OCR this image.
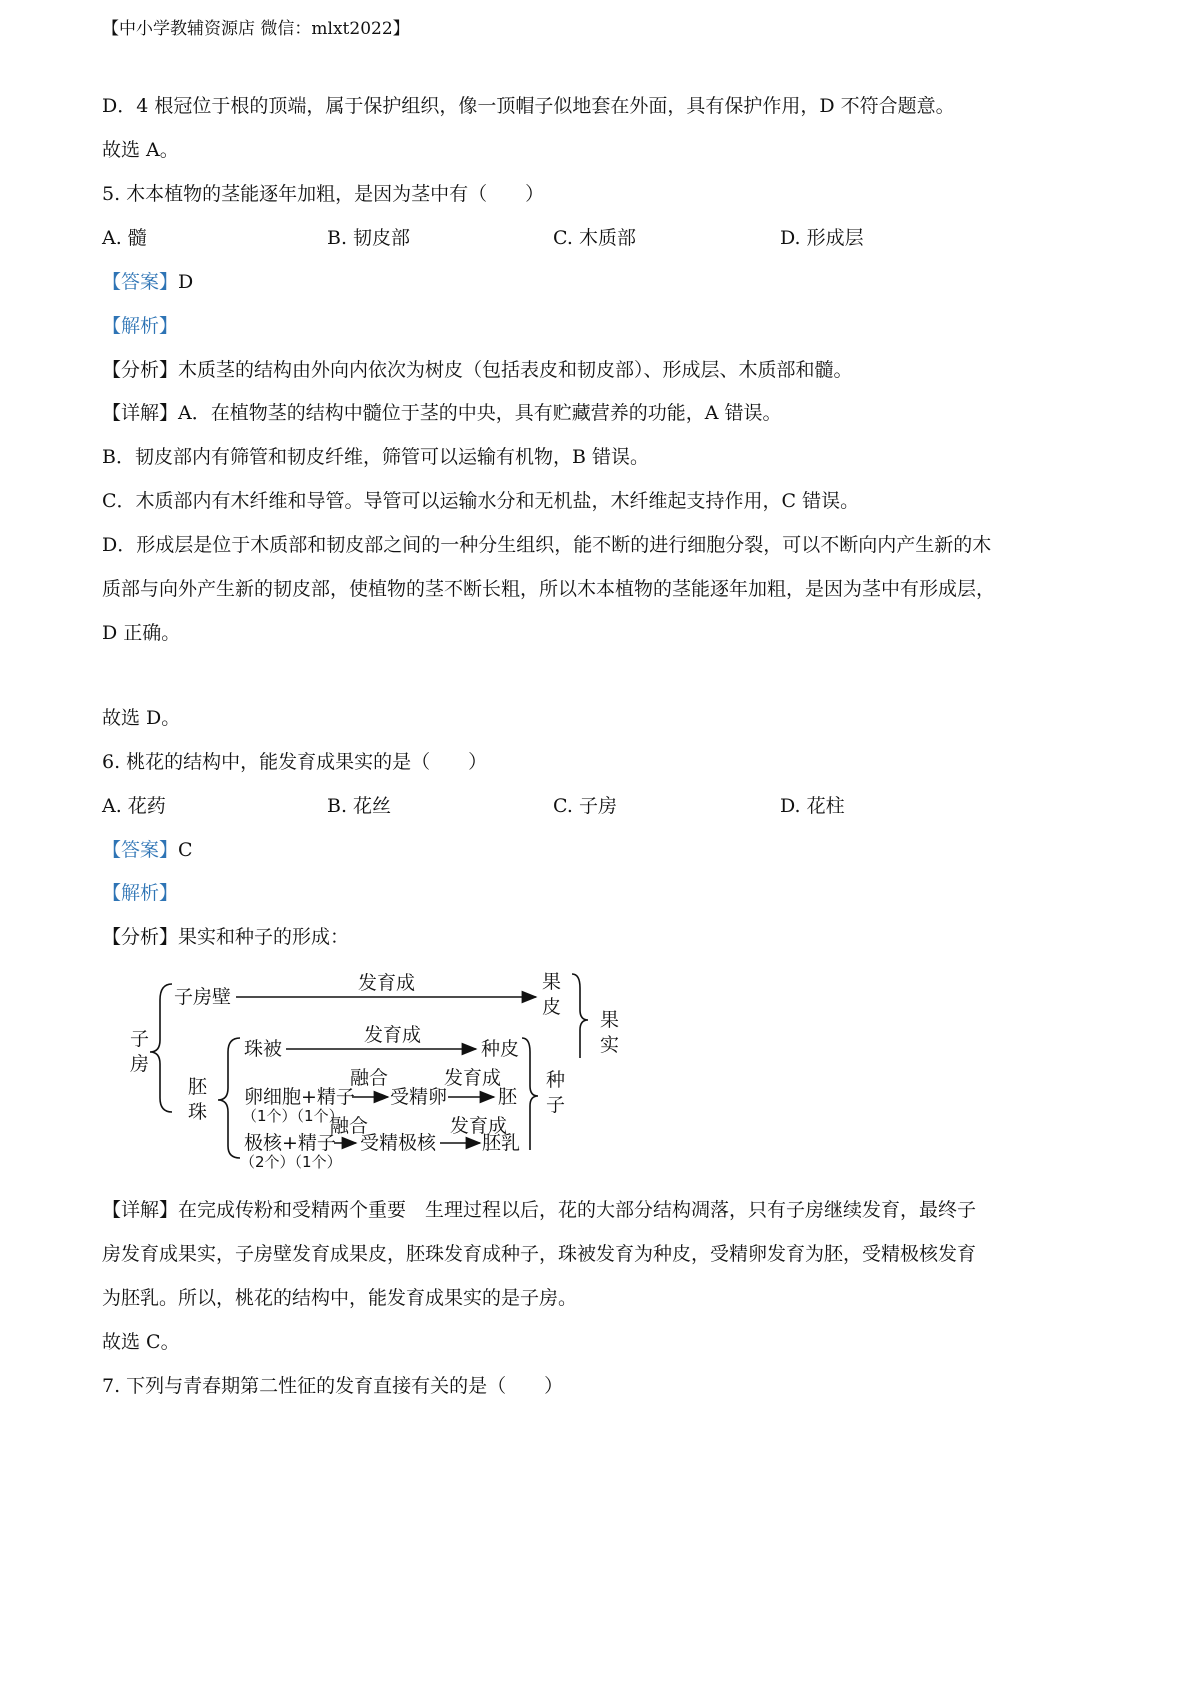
【中小学教辅资源店 微信：mlxt2022】
D．4 根冠位于根的顶端，属于保护组织，像一顶帽子似地套在外面，具有保护作用，D 不符合题意。
故选 A。
5. 木本植物的茎能逐年加粗，是因为茎中有（　　）
A. 髓	B. 韧皮部	C. 木质部	D. 形成层
【答案】D
【解析】
【分析】木质茎的结构由外向内依次为树皮（包括表皮和韧皮部）、形成层、木质部和髓。
【详解】A．在植物茎的结构中髓位于茎的中央，具有贮藏营养的功能，A 错误。
B．韧皮部内有筛管和韧皮纤维，筛管可以运输有机物，B 错误。
C．木质部内有木纤维和导管。导管可以运输水分和无机盐，木纤维起支持作用，C 错误。
D．形成层是位于木质部和韧皮部之间的一种分生组织，能不断的进行细胞分裂，可以不断向内产生新的木
质部与向外产生新的韧皮部，使植物的茎不断长粗，所以木本植物的茎能逐年加粗，是因为茎中有形成层，
D 正确。
故选 D。
6. 桃花的结构中，能发育成果实的是（　　）
A. 花药	B. 花丝	C. 子房	D. 花柱
【答案】C
【解析】
【分析】果实和种子的形成：
子
房
子房壁
发育成	果
皮
果
实
胚
珠
珠被
发育成
种皮
卵细胞+精子
（1个）（1个）
融合
受精卵
发育成
胚
极核+精子
（2个）（1个）
融合
受精极核
发育成
胚乳
种
子
【详解】在完成传粉和受精两个重要　生理过程以后，花的大部分结构凋落，只有子房继续发育，最终子
房发育成果实，子房壁发育成果皮，胚珠发育成种子，珠被发育为种皮，受精卵发育为胚，受精极核发育
为胚乳。所以，桃花的结构中，能发育成果实的是子房。
故选 C。
7. 下列与青春期第二性征的发育直接有关的是（　　）
